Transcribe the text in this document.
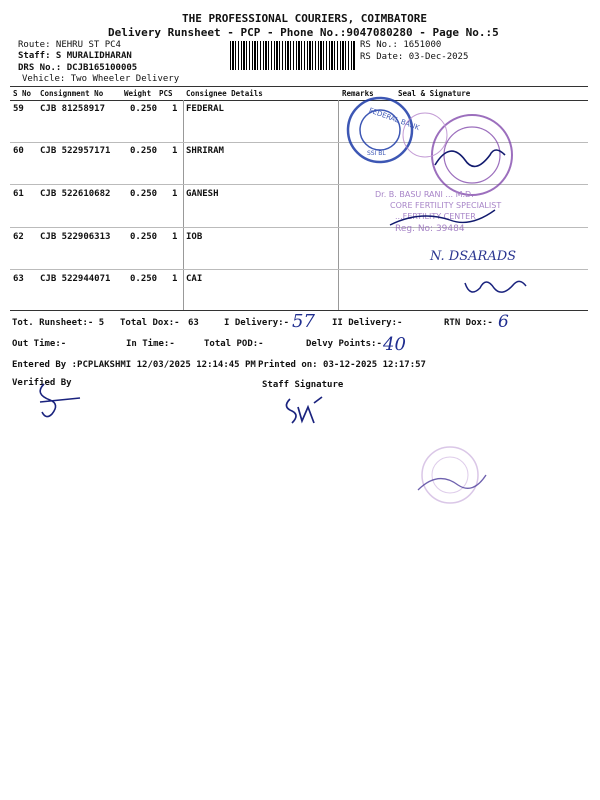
THE PROFESSIONAL COURIERS, COIMBATORE
Delivery Runsheet - PCP - Phone No.:9047080280 - Page No.:5
Route: NEHRU ST PC4
Staff: S MURALIDHARAN
DRS No.: DCJB165100005
Vehicle: Two Wheeler Delivery
RS No.: 1651000
RS Date: 03-Dec-2025
S No Consignment No	Weight PCS Consignee Details	Remarks	Seal & Signature
59 CJB 81258917	0.250 1 FEDERAL
60 CJB 522957171 0.250 1 SHRIRAM
61 CJB 522610682 0.250 1 GANESH
62 CJB 522906313 0.250 1 IOB
63 CJB 522944071 0.250 1 CAI
FEDERAL BANK
SSI BL
Dr. B. BASU RANI ... M.D.
CORE FERTILITY SPECIALIST
...FERTILITY CENTER
Reg. No: 39484
N. DSARADS
Tot. Runsheet:- 5 Total Dox:- 63	I Delivery:- 57 II Delivery:-	RTN Dox:- 6
Out Time:-	In Time:-	Total POD:-	Delvy Points:- 40
Entered By :PCPLAKSHMI 12/03/2025 12:14:45 PM Printed on: 03-12-2025 12:17:57
Verified By	Staff Signature
